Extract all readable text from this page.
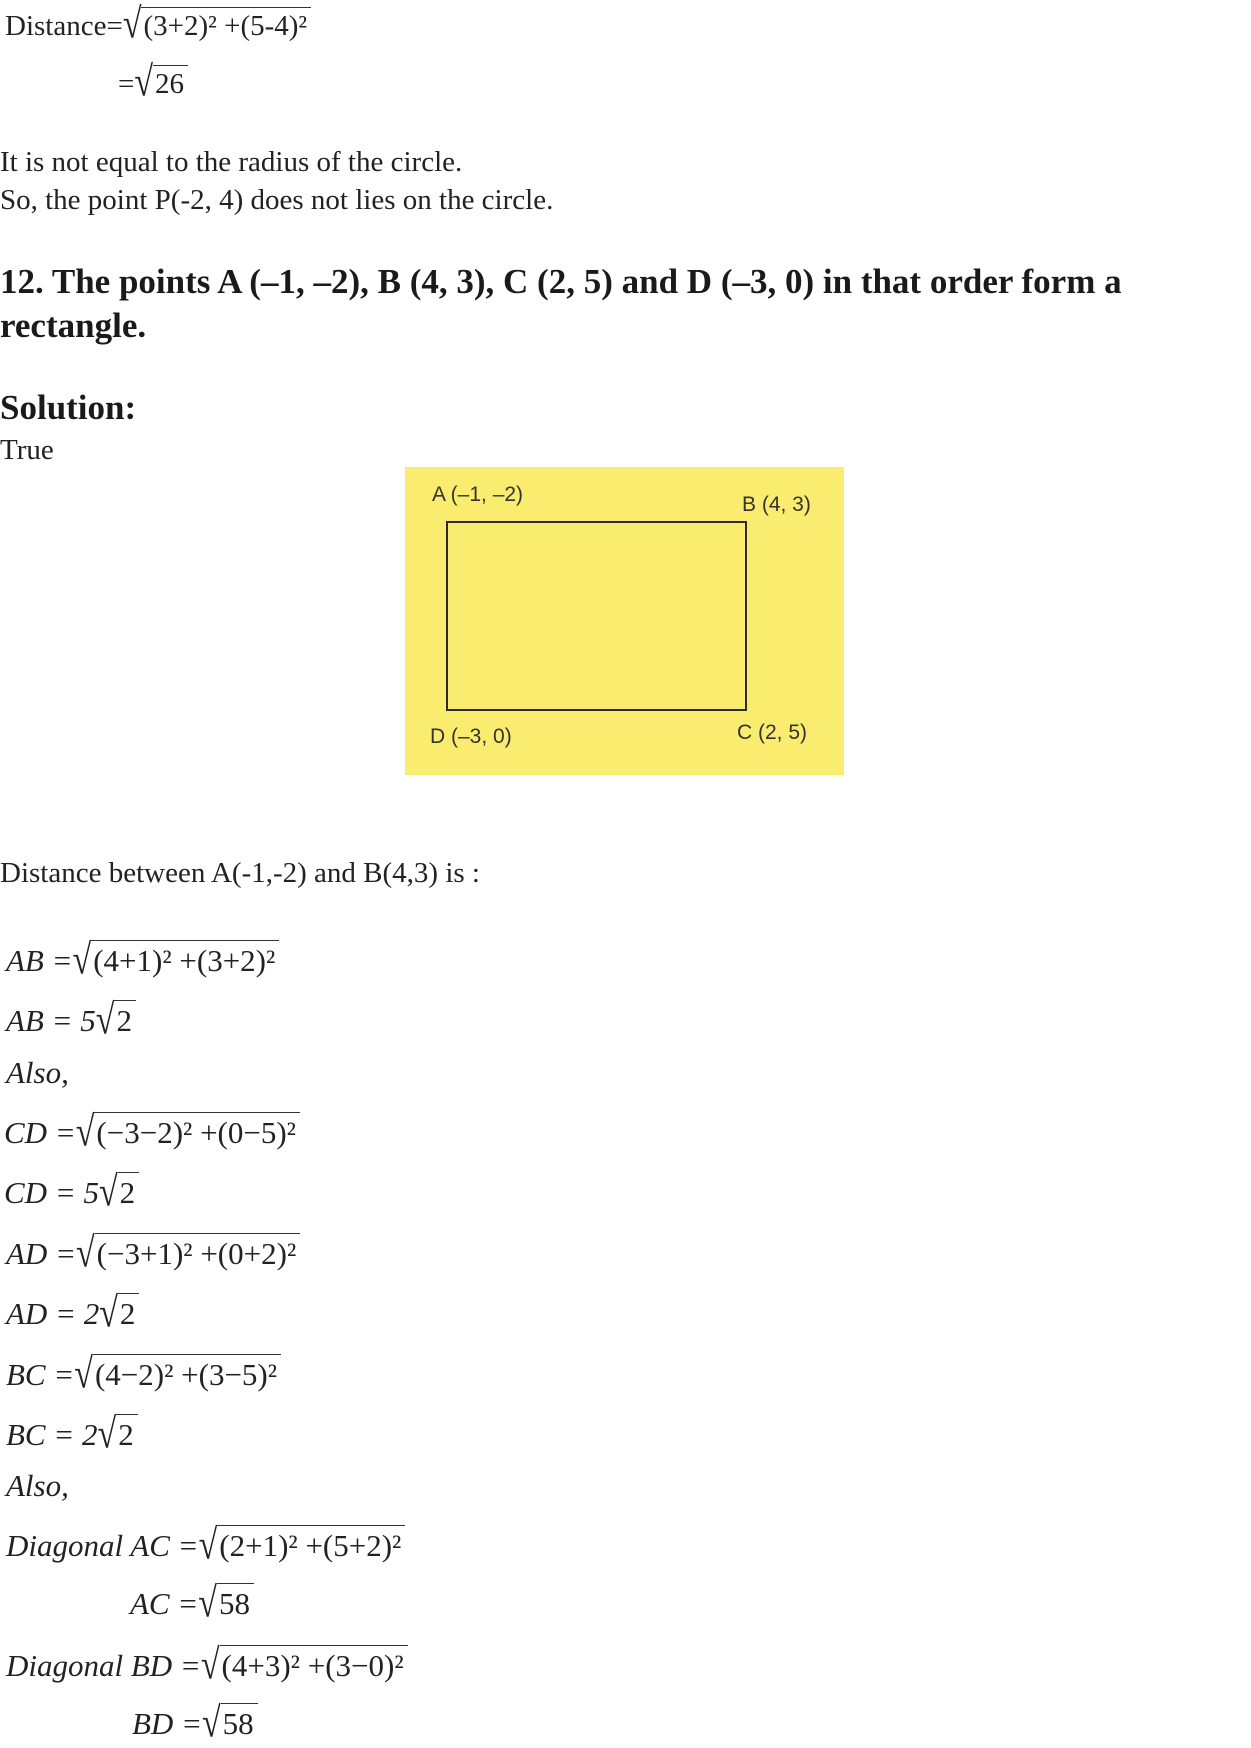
Distance=√(3+2)² +(5-4)²
=√26
It is not equal to the radius of the circle.
So, the point P(-2, 4) does not lies on the circle.
12. The points A (–1, –2), B (4, 3), C (2, 5) and D (–3, 0) in that order form a
rectangle.
Solution:
True
A (–1, –2)	B (4, 3)
D (–3, 0)	C (2, 5)
Distance between A(-1,-2) and B(4,3) is :
AB =√(4+1)² +(3+2)²
AB = 5√2
Also,
CD =√(−3−2)² +(0−5)²
CD = 5√2
AD =√(−3+1)² +(0+2)²
AD = 2√2
BC =√(4−2)² +(3−5)²
BC = 2√2
Also,
Diagonal AC =√(2+1)² +(5+2)²
AC =√58
Diagonal BD =√(4+3)² +(3−0)²
BD =√58
